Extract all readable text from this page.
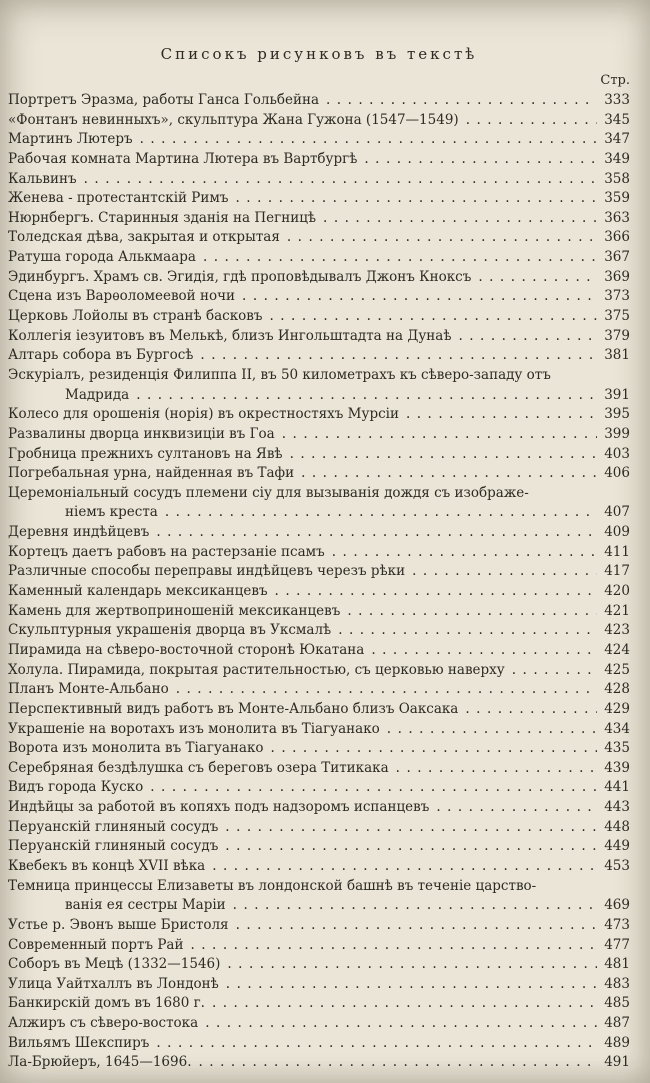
Списокъ рисунковъ въ текстѣ
Стр.
Портретъ Эразма, работы Ганса Гольбейна .....	333
«Фонтанъ невинныхъ», скульптура Жана Гужона (1547—1549) .....	345
Мартинъ Лютеръ .....	347
Рабочая комната Мартина Лютера въ Вартбургѣ .....	349
Кальвинъ .....	358
Женева - протестантскій Римъ .....	359
Нюрнбергъ. Старинныя зданія на Пегницѣ .....	363
Толедская дѣва, закрытая и открытая .....	366
Ратуша города Алькмаара .....	367
Эдинбургъ. Храмъ св. Эгидія, гдѣ проповѣдывалъ Джонъ Кноксъ .....	369
Сцена изъ Варѳоломеевой ночи .....	373
Церковь Лойолы въ странѣ басковъ .....	375
Коллегія іезуитовъ въ Мелькѣ, близъ Ингольштадта на Дунаѣ .....	379
Алтарь собора въ Бургосѣ .....	381
Эскуріалъ, резиденція Филиппа II, въ 50 километрахъ къ сѣверо-западу отъ
Мадрида .....	391
Колесо для орошенія (норія) въ окрестностяхъ Мурсіи .....	395
Развалины дворца инквизиціи въ Гоа .....	399
Гробница прежнихъ султановъ на Явѣ .....	403
Погребальная урна, найденная въ Тафи .....	406
Церемоніальный сосудъ племени сіу для вызыванія дождя съ изображе-
ніемъ креста .....	407
Деревня индѣйцевъ .....	409
Кортецъ даетъ рабовъ на растерзаніе псамъ .....	411
Различные способы переправы индѣйцевъ черезъ рѣки .....	417
Каменный календарь мексиканцевъ .....	420
Камень для жертвоприношеній мексиканцевъ .....	421
Скульптурныя украшенія дворца въ Уксмалѣ .....	423
Пирамида на сѣверо-восточной сторонѣ Юкатана .....	424
Холула. Пирамида, покрытая растительностью, съ церковью наверху .....	425
Планъ Монте-Альбано .....	428
Перспективный видъ работъ въ Монте-Альбано близъ Оаксака .....	429
Украшеніе на воротахъ изъ монолита въ Тіагуанако .....	434
Ворота изъ монолита въ Тіагуанако .....	435
Серебряная бездѣлушка съ береговъ озера Титикака .....	439
Видъ города Куско .....	441
Индѣйцы за работой въ копяхъ подъ надзоромъ испанцевъ .....	443
Перуанскій глиняный сосудъ .....	448
Перуанскій глиняный сосудъ .....	449
Квебекъ въ концѣ XVII вѣка .....	453
Темница принцессы Елизаветы въ лондонской башнѣ въ теченіе царство-
ванія ея сестры Маріи .....	469
Устье р. Эвонъ выше Бристоля .....	473
Современный портъ Рай .....	477
Соборъ въ Мецѣ (1332—1546) .....	481
Улица Уайтхаллъ въ Лондонѣ .....	483
Банкирскій домъ въ 1680 г. .....	485
Алжиръ съ сѣверо-востока .....	487
Вильямъ Шекспиръ .....	489
Ла-Брюйеръ, 1645—1696. .....	491
